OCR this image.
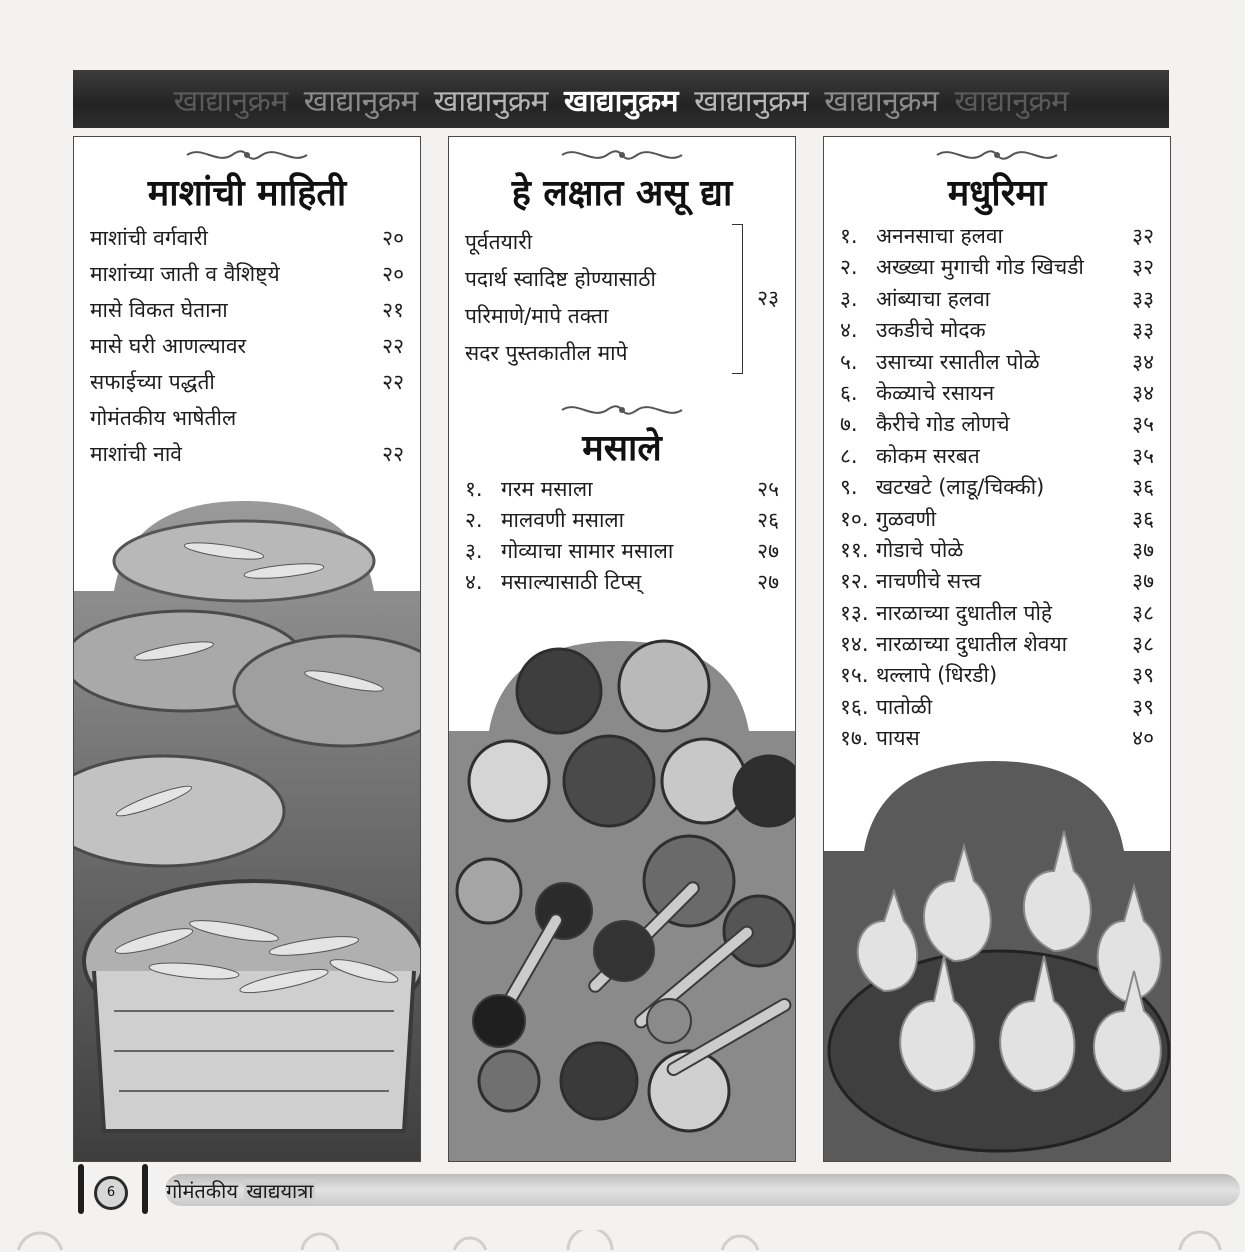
खाद्यानुक्रम खाद्यानुक्रम खाद्यानुक्रम खाद्यानुक्रम खाद्यानुक्रम खाद्यानुक्रम खाद्यानुक्रम
माशांची माहिती
माशांची वर्गवारी	२०
माशांच्या जाती व वैशिष्ट्ये	२०
मासे विकत घेताना	२१
मासे घरी आणल्यावर	२२
सफाईच्या पद्धती	२२
गोमंतकीय भाषेतील
माशांची नावे	२२
हे लक्षात असू द्या
पूर्वतयारी
पदार्थ स्वादिष्ट होण्यासाठी
परिमाणे/मापे तक्ता
सदर पुस्तकातील मापे
२३
मसाले
१. गरम मसाला	२५
२. मालवणी मसाला	२६
३. गोव्याचा सामार मसाला	२७
४. मसाल्यासाठी टिप्स्	२७
मधुरिमा
१. अननसाचा हलवा	३२
२. अख्ख्या मुगाची गोड खिचडी	३२
३. आंब्याचा हलवा	३३
४. उकडीचे मोदक	३३
५. उसाच्या रसातील पोळे	३४
६. केळ्याचे रसायन	३४
७. कैरीचे गोड लोणचे	३५
८. कोकम सरबत	३५
९. खटखटे (लाडू/चिक्की)	३६
१०. गुळवणी	३६
११. गोडाचे पोळे	३७
१२. नाचणीचे सत्त्व	३७
१३. नारळाच्या दुधातील पोहे	३८
१४. नारळाच्या दुधातील शेवया	३८
१५. थल्लापे (धिरडी)	३९
१६. पातोळी	३९
१७. पायस	४०
6	गोमंतकीय खाद्ययात्रा
